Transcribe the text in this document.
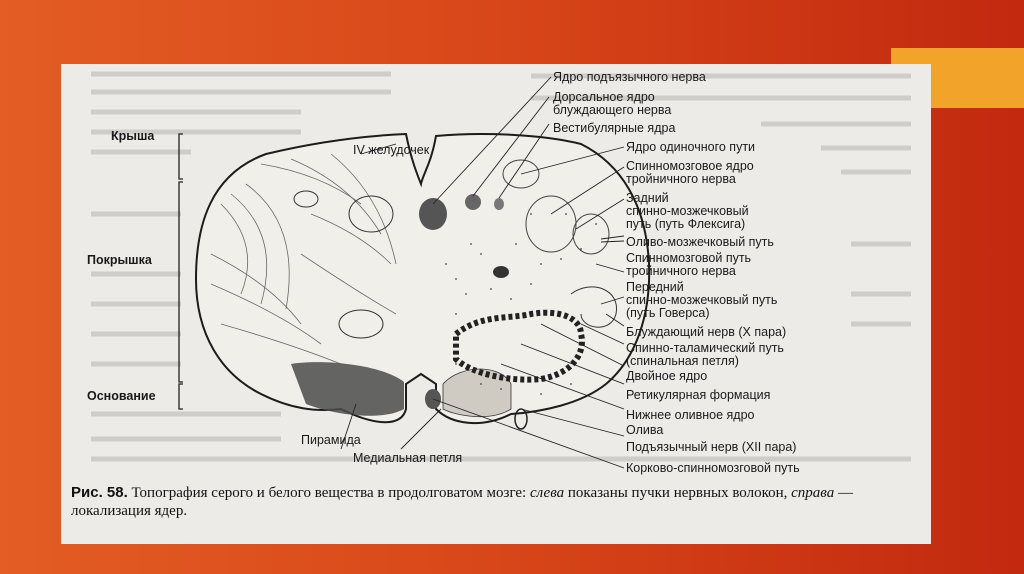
Крыша
Покрышка
Основание
IV желудочек
Пирамида
Медиальная петля
Ядро подъязычного нерва
Дорсальное ядро
блуждающего нерва
Вестибулярные ядра
Ядро одиночного пути
Спинномозговое ядро
тройничного нерва
Задний
спинно-мозжечковый
путь (путь Флексига)
Оливо-мозжечковый путь
Спинномозговой путь
тройничного нерва
Передний
спинно-мозжечковый путь
(путь Говерса)
Блуждающий нерв (X пара)
Спинно-таламический путь
(спинальная петля)
Двойное ядро
Ретикулярная формация
Нижнее оливное ядро
Олива
Подъязычный нерв (XII пара)
Корково-спинномозговой путь
Рис. 58. Топография серого и белого вещества в продолговатом мозге: слева показаны пучки нервных волокон, справа — локализация ядер.
